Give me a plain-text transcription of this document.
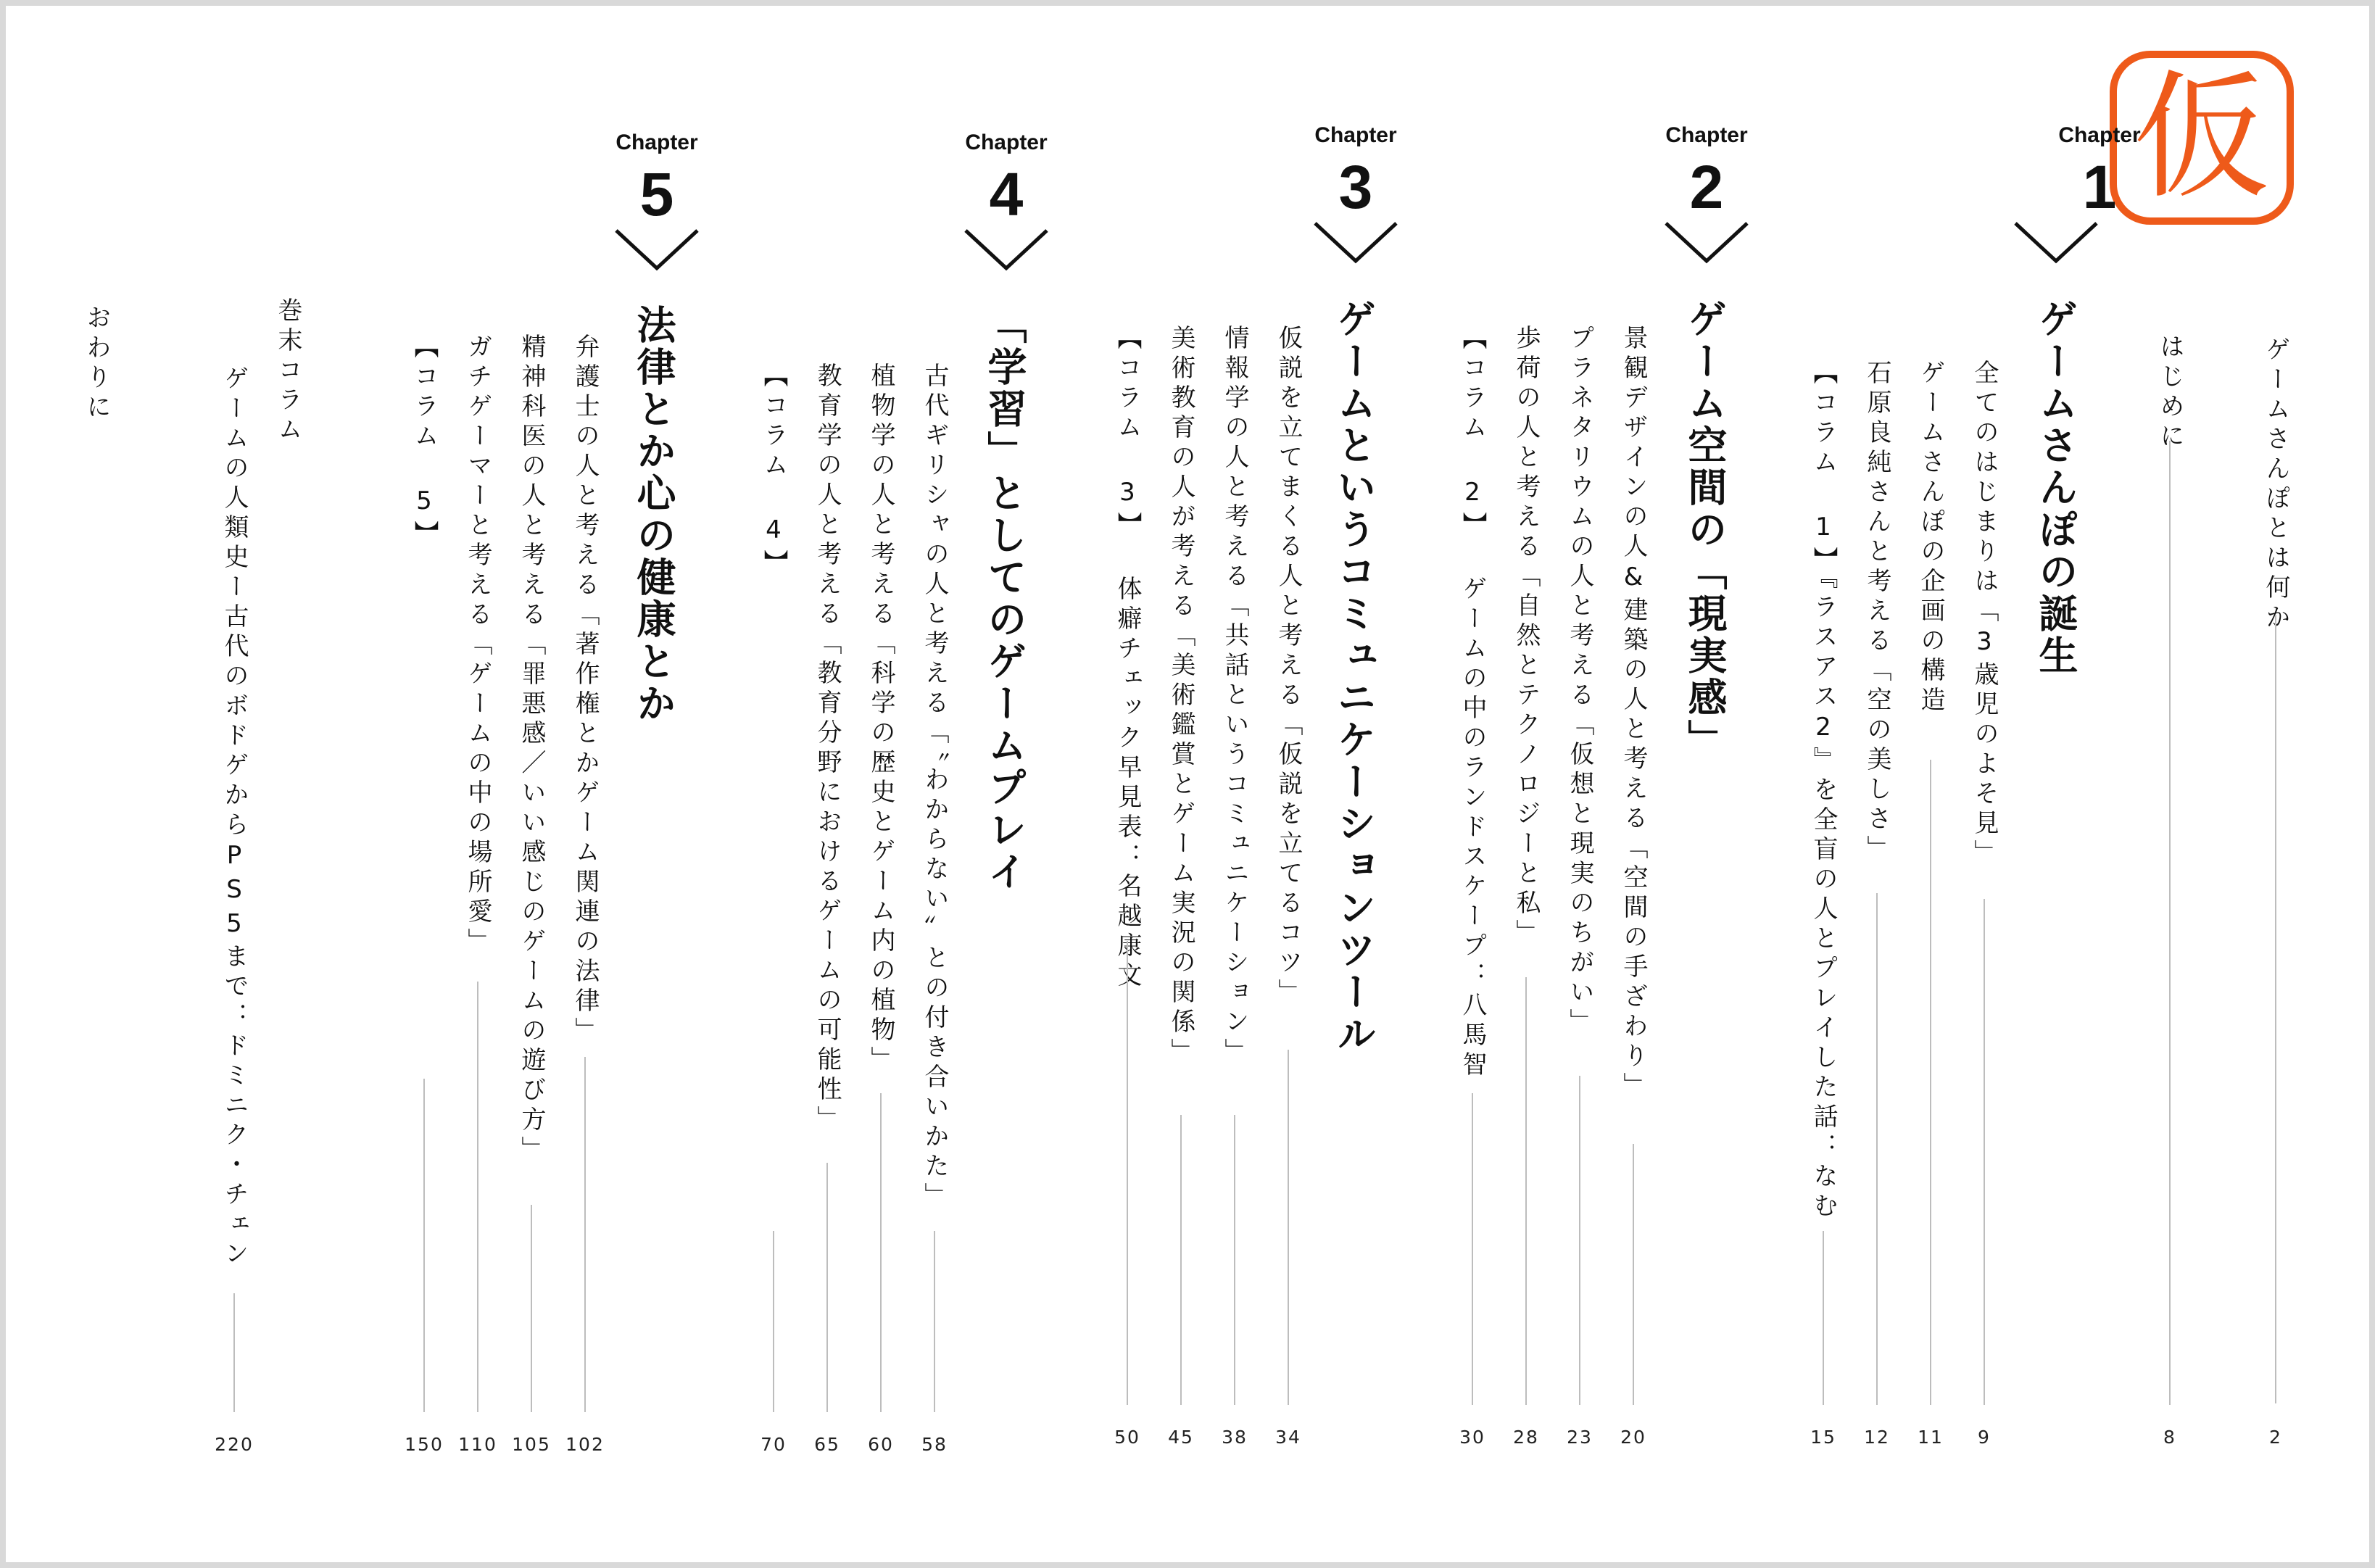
仮
ゲームさんぽとは何か
2
はじめに
8
Chapter
1
ゲームさんぽの誕生
全てのはじまりは「3歳児のよそ見」
9
ゲームさんぽの企画の構造
11
石原良純さんと考える「空の美しさ」
12
【コラム 1】『ラスアス2』を全盲の人とプレイした話：なむ
15
Chapter
2
ゲーム空間の「現実感」
景観デザインの人&建築の人と考える「空間の手ざわり」
20
プラネタリウムの人と考える「仮想と現実のちがい」
23
歩荷の人と考える「自然とテクノロジーと私」
28
【コラム 2】 ゲームの中のランドスケープ：八馬智
30
Chapter
3
ゲームというコミュニケーションツール
仮説を立てまくる人と考える「仮説を立てるコツ」
34
情報学の人と考える「共話というコミュニケーション」
38
美術教育の人が考える「美術鑑賞とゲーム実況の関係」
45
【コラム 3】 体癖チェック早見表：名越康文
50
Chapter
4
「学習」としてのゲームプレイ
古代ギリシャの人と考える「〝わからない〟との付き合いかた」
58
植物学の人と考える「科学の歴史とゲーム内の植物」
60
教育学の人と考える「教育分野におけるゲームの可能性」
65
【コラム 4】
70
Chapter
5
法律とか心の健康とか
弁護士の人と考える「著作権とかゲーム関連の法律」
102
精神科医の人と考える「罪悪感／いい感じのゲームの遊び方」
105
ガチゲーマーと考える「ゲームの中の場所愛」
110
【コラム 5】
150
巻末コラム
ゲームの人類史ー古代のボドゲからPS5まで：ドミニク・チェン
220
おわりに
